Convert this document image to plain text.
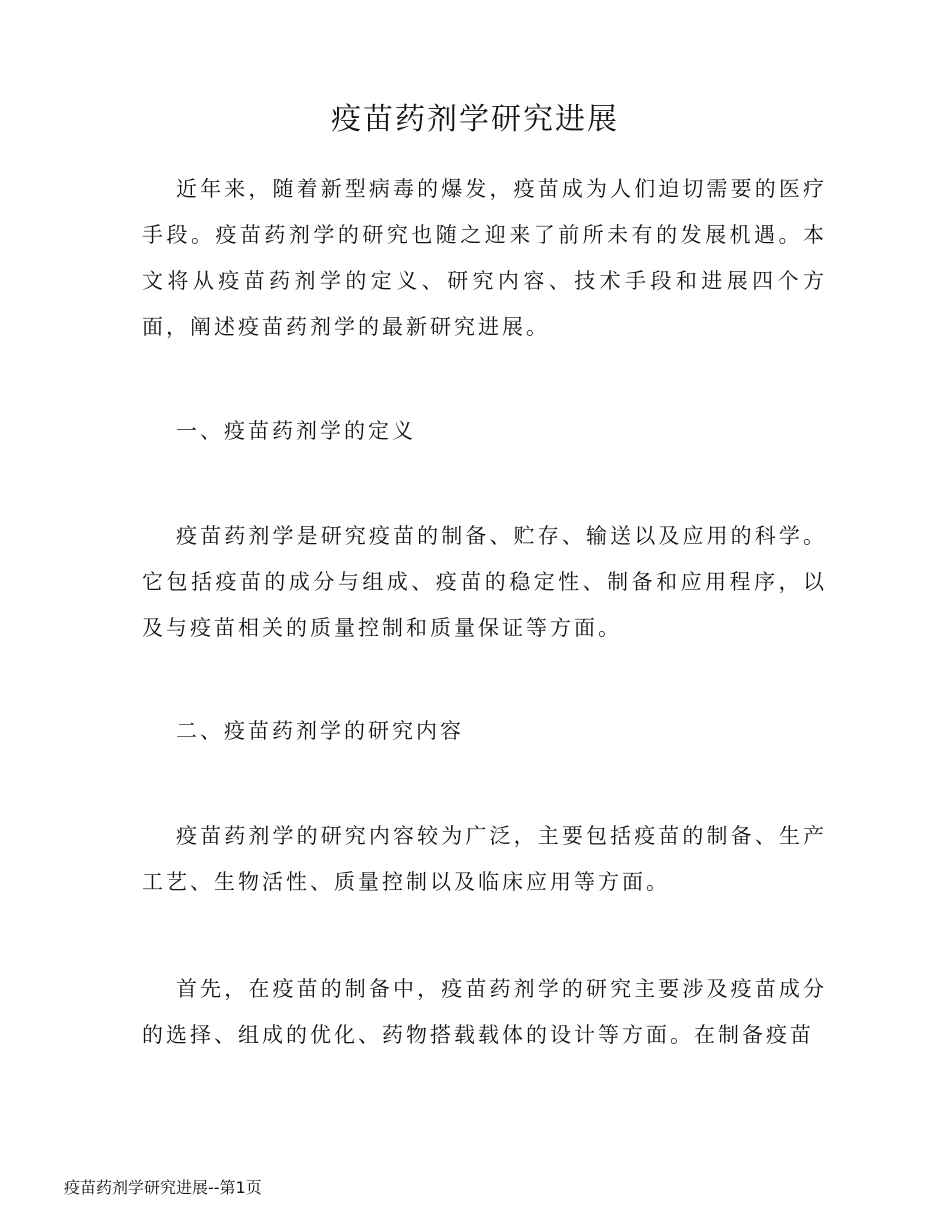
疫苗药剂学研究进展

近年来，随着新型病毒的爆发，疫苗成为人们迫切需要的医疗手段。疫苗药剂学的研究也随之迎来了前所未有的发展机遇。本文将从疫苗药剂学的定义、研究内容、技术手段和进展四个方面，阐述疫苗药剂学的最新研究进展。

一、疫苗药剂学的定义

疫苗药剂学是研究疫苗的制备、贮存、输送以及应用的科学。它包括疫苗的成分与组成、疫苗的稳定性、制备和应用程序，以及与疫苗相关的质量控制和质量保证等方面。

二、疫苗药剂学的研究内容

疫苗药剂学的研究内容较为广泛，主要包括疫苗的制备、生产工艺、生物活性、质量控制以及临床应用等方面。

首先，在疫苗的制备中，疫苗药剂学的研究主要涉及疫苗成分的选择、组成的优化、药物搭载载体的设计等方面。在制备疫苗

疫苗药剂学研究进展--第1页
